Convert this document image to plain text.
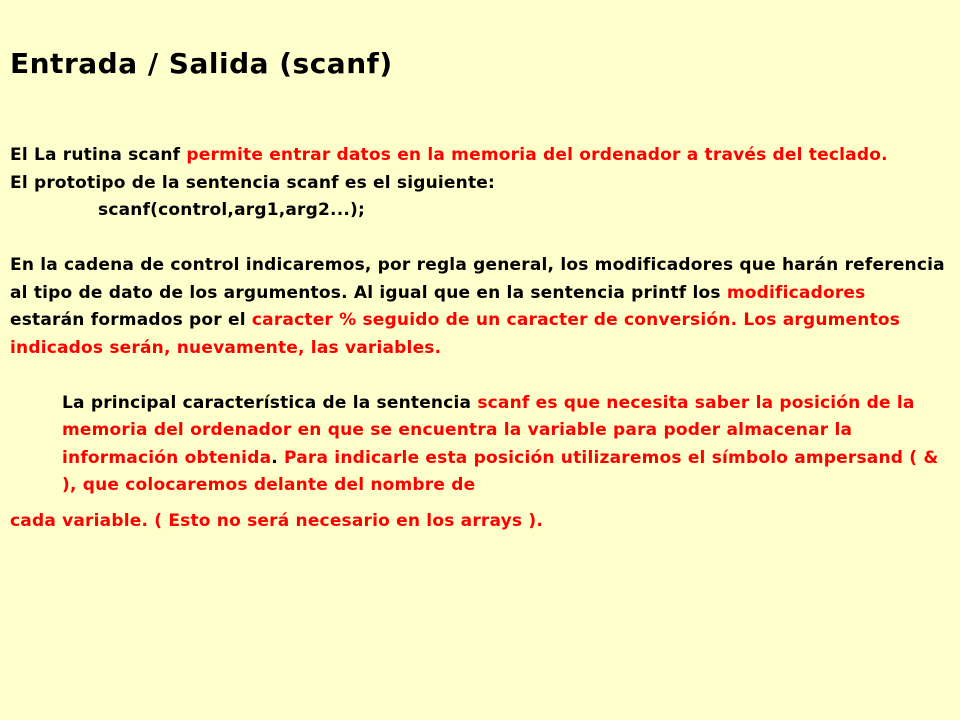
Entrada / Salida (scanf)

El La rutina scanf permite entrar datos en la memoria del ordenador a través del teclado.

El prototipo de la sentencia scanf es el siguiente:

scanf(control,arg1,arg2...);

En la cadena de control indicaremos, por regla general, los modificadores que harán referencia al tipo de dato de los argumentos. Al igual que en la sentencia printf los modificadores estarán formados por el caracter % seguido de un caracter de conversión. Los argumentos indicados serán, nuevamente, las variables.

La principal característica de la sentencia scanf es que necesita saber la posición de la memoria del ordenador en que se encuentra la variable para poder almacenar la información obtenida. Para indicarle esta posición utilizaremos el símbolo ampersand ( & ), que colocaremos delante del nombre de

cada variable. ( Esto no será necesario en los arrays ).
